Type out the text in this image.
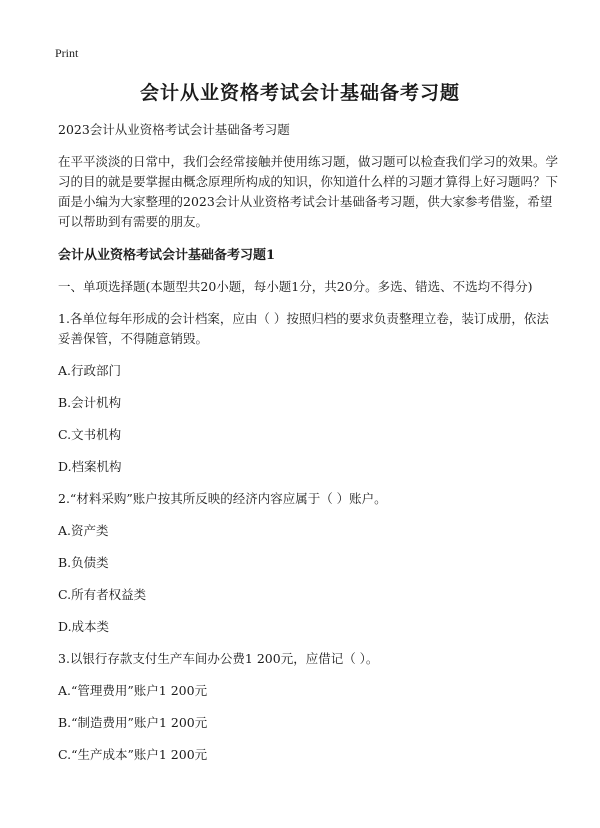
Print
会计从业资格考试会计基础备考习题

2023会计从业资格考试会计基础备考习题

在平平淡淡的日常中，我们会经常接触并使用练习题，做习题可以检查我们学习的效果。学习的目的就是要掌握由概念原理所构成的知识，你知道什么样的习题才算得上好习题吗？下面是小编为大家整理的2023会计从业资格考试会计基础备考习题，供大家参考借鉴，希望可以帮助到有需要的朋友。

会计从业资格考试会计基础备考习题1

一、单项选择题(本题型共20小题，每小题1分，共20分。多选、错选、不选均不得分)

1.各单位每年形成的会计档案，应由（ ）按照归档的要求负责整理立卷，装订成册，依法妥善保管，不得随意销毁。

A.行政部门

B.会计机构

C.文书机构

D.档案机构

2.“材料采购”账户按其所反映的经济内容应属于（ ）账户。

A.资产类

B.负债类

C.所有者权益类

D.成本类

3.以银行存款支付生产车间办公费1 200元，应借记（ ）。

A.“管理费用”账户1 200元

B.“制造费用”账户1 200元

C.“生产成本”账户1 200元
